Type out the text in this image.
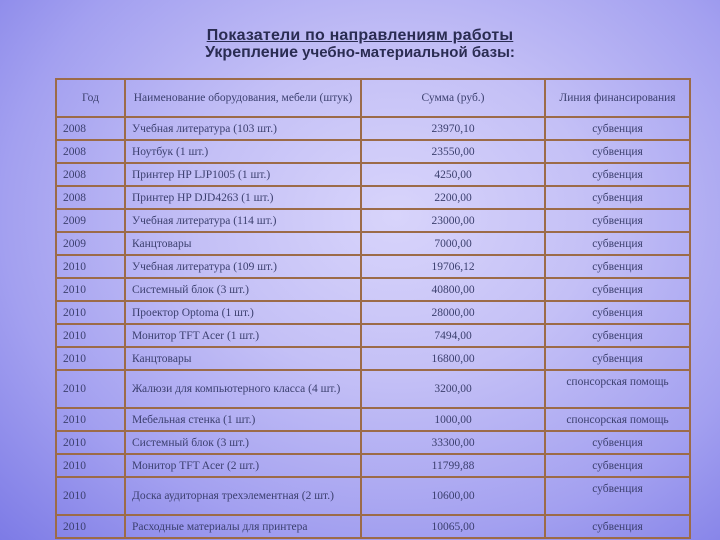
Показатели по направлениям работы
Укрепление учебно-материальной базы:
Год	Наименование оборудования, мебели (штук)	Сумма (руб.)	Линия финансирования
2008	Учебная литература (103 шт.)	23970,10	субвенция
2008	Ноутбук (1 шт.)	23550,00	субвенция
2008	Принтер HP LJP1005 (1 шт.)	4250,00	субвенция
2008	Принтер HP DJD4263 (1 шт.)	2200,00	субвенция
2009	Учебная литература (114 шт.)	23000,00	субвенция
2009	Канцтовары	7000,00	субвенция
2010	Учебная литература (109 шт.)	19706,12	субвенция
2010	Системный блок (3 шт.)	40800,00	субвенция
2010	Проектор Optoma (1 шт.)	28000,00	субвенция
2010	Монитор TFT Acer (1 шт.)	7494,00	субвенция
2010	Канцтовары	16800,00	субвенция
2010	Жалюзи для компьютерного класса (4 шт.)	3200,00	спонсорская помощь
2010	Мебельная стенка (1 шт.)	1000,00	спонсорская помощь
2010	Системный блок (3 шт.)	33300,00	субвенция
2010	Монитор TFT Acer (2 шт.)	11799,88	субвенция
2010	Доска аудиторная трехэлементная (2 шт.)	10600,00	субвенция
2010	Расходные материалы для принтера	10065,00	субвенция
